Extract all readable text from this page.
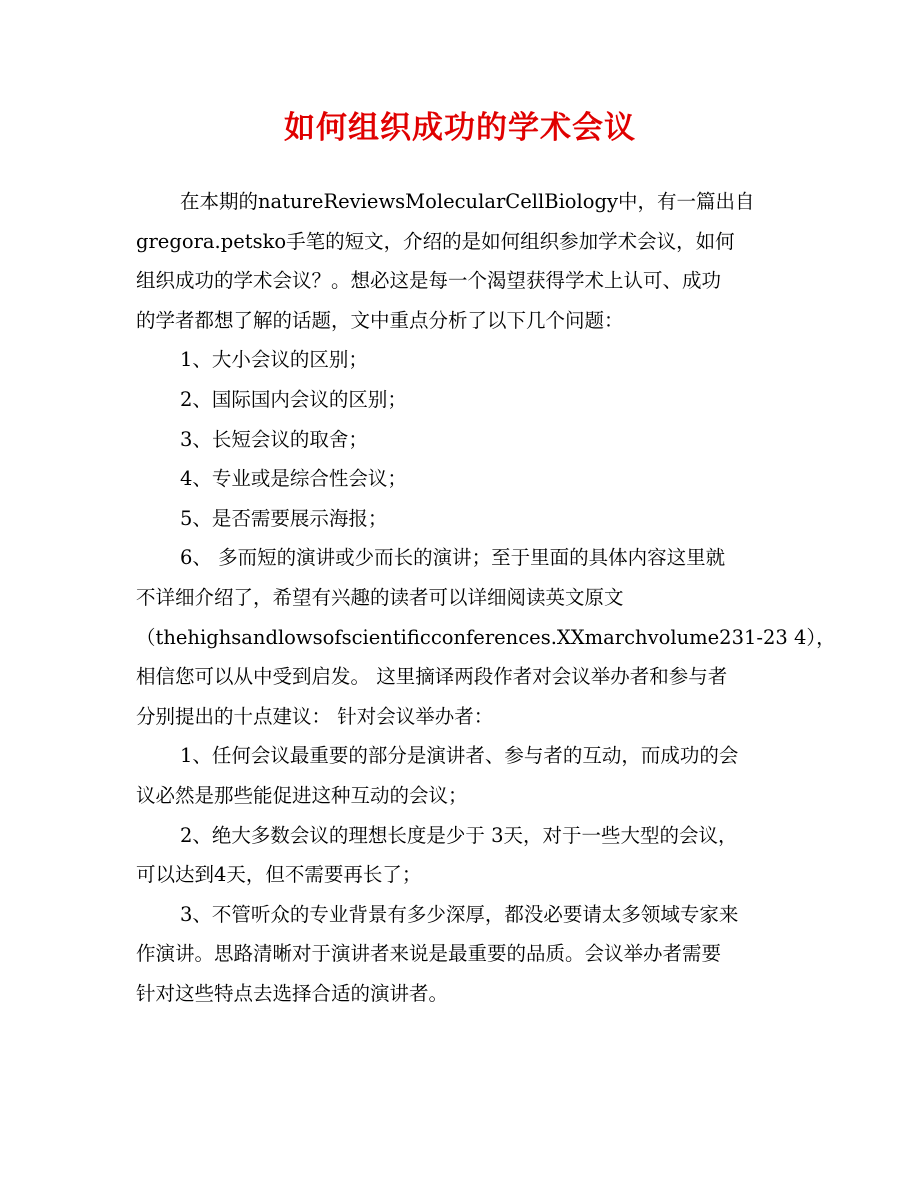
如何组织成功的学术会议
在本期的natureReviewsMolecularCellBiology中，有一篇出自
gregora.petsko手笔的短文，介绍的是如何组织参加学术会议，如何
组织成功的学术会议？。想必这是每一个渴望获得学术上认可、成功
的学者都想了解的话题，文中重点分析了以下几个问题：
1、大小会议的区别；
2、国际国内会议的区别；
3、长短会议的取舍；
4、专业或是综合性会议；
5、是否需要展示海报；
6、 多而短的演讲或少而长的演讲；至于里面的具体内容这里就
不详细介绍了，希望有兴趣的读者可以详细阅读英文原文
（thehighsandlowsofscientificconferences.XXmarchvolume231-23 4），
相信您可以从中受到启发。 这里摘译两段作者对会议举办者和参与者
分别提出的十点建议： 针对会议举办者：
1、任何会议最重要的部分是演讲者、参与者的互动，而成功的会
议必然是那些能促进这种互动的会议；
2、绝大多数会议的理想长度是少于 3天，对于一些大型的会议，
可以达到4天，但不需要再长了；
3、不管听众的专业背景有多少深厚，都没必要请太多领域专家来
作演讲。思路清晰对于演讲者来说是最重要的品质。会议举办者需要
针对这些特点去选择合适的演讲者。
